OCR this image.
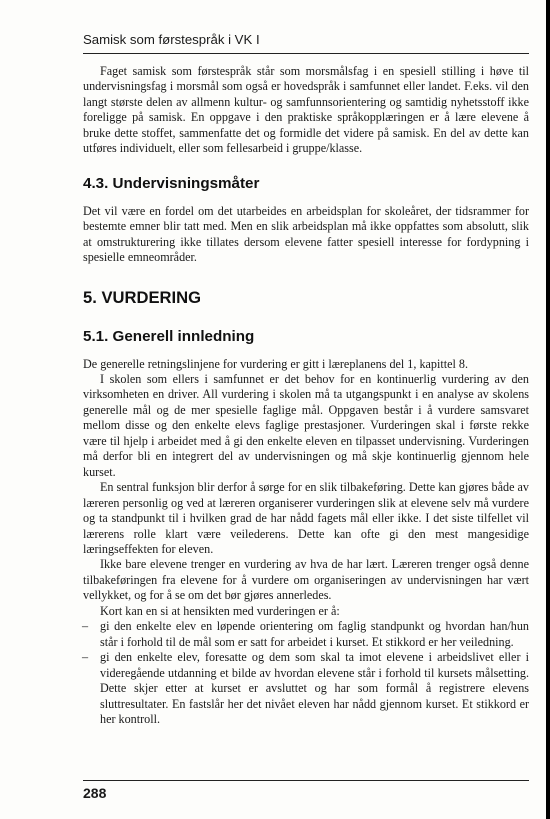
Samisk som førstespråk i VK I

Faget samisk som førstespråk står som morsmålsfag i en spesiell stilling i høve til undervisningsfag i morsmål som også er hovedspråk i samfunnet eller landet. F.eks. vil den langt største delen av allmenn kultur- og samfunnsorientering og samtidig nyhetsstoff ikke foreligge på samisk. En oppgave i den praktiske språkopplæringen er å lære elevene å bruke dette stoffet, sammenfatte det og formidle det videre på samisk. En del av dette kan utføres individuelt, eller som fellesarbeid i gruppe/klasse.

4.3. Undervisningsmåter

Det vil være en fordel om det utarbeides en arbeidsplan for skoleåret, der tidsrammer for bestemte emner blir tatt med. Men en slik arbeidsplan må ikke oppfattes som absolutt, slik at omstrukturering ikke tillates dersom elevene fatter spesiell interesse for fordypning i spesielle emneområder.

5. VURDERING
5.1. Generell innledning

De generelle retningslinjene for vurdering er gitt i læreplanens del 1, kapittel 8.

I skolen som ellers i samfunnet er det behov for en kontinuerlig vurdering av den virksomheten en driver. All vurdering i skolen må ta utgangspunkt i en analyse av skolens generelle mål og de mer spesielle faglige mål. Oppgaven består i å vurdere samsvaret mellom disse og den enkelte elevs faglige prestasjoner. Vurderingen skal i første rekke være til hjelp i arbeidet med å gi den enkelte eleven en tilpasset undervisning. Vurderingen må derfor bli en integrert del av undervisningen og må skje kontinuerlig gjennom hele kurset.

En sentral funksjon blir derfor å sørge for en slik tilbakeføring. Dette kan gjøres både av læreren personlig og ved at læreren organiserer vurderingen slik at elevene selv må vurdere og ta standpunkt til i hvilken grad de har nådd fagets mål eller ikke. I det siste tilfellet vil lærerens rolle klart være veilederens. Dette kan ofte gi den mest mangesidige læringseffekten for eleven.

Ikke bare elevene trenger en vurdering av hva de har lært. Læreren trenger også denne tilbakeføringen fra elevene for å vurdere om organiseringen av undervisningen har vært vellykket, og for å se om det bør gjøres annerledes.

Kort kan en si at hensikten med vurderingen er å:

– gi den enkelte elev en løpende orientering om faglig standpunkt og hvordan han/hun står i forhold til de mål som er satt for arbeidet i kurset. Et stikkord er her veiledning.
– gi den enkelte elev, foresatte og dem som skal ta imot elevene i arbeidslivet eller i videregående utdanning et bilde av hvordan elevene står i forhold til kursets målsetting. Dette skjer etter at kurset er avsluttet og har som formål å registrere elevens sluttresultater. En fastslår her det nivået eleven har nådd gjennom kurset. Et stikkord er her kontroll.
288
